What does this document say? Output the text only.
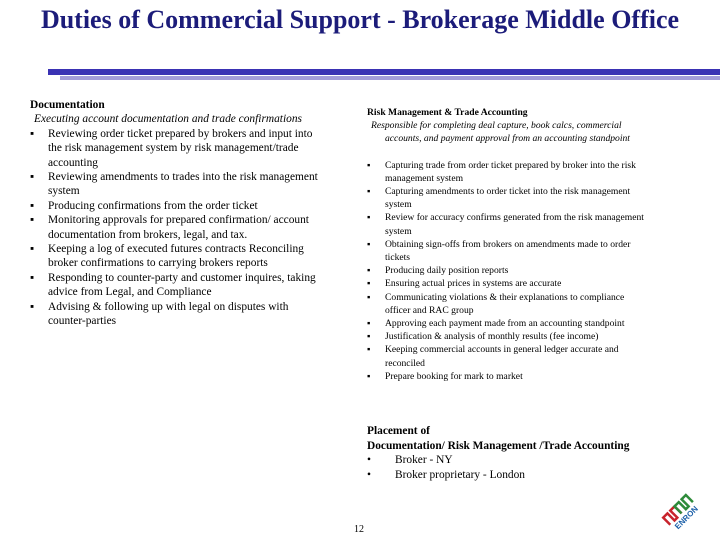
Duties of Commercial Support - Brokerage Middle Office
Documentation
Executing account documentation and trade confirmations
▪ Reviewing order ticket prepared by brokers and input into the risk management system by risk management/trade accounting
▪ Reviewing amendments to trades into the risk management system
▪ Producing confirmations from the order ticket
▪ Monitoring approvals for prepared confirmation/ account documentation from brokers, legal, and tax.
▪ Keeping a log of executed futures contracts Reconciling broker confirmations to carrying brokers reports
▪ Responding to counter-party and customer inquires, taking advice from Legal, and Compliance
▪ Advising & following up with legal on disputes with counter-parties
Risk Management & Trade Accounting
Responsible for completing deal capture, book calcs, commercial accounts, and payment approval from an accounting standpoint
▪ Capturing trade from order ticket prepared by broker into the risk management system
▪ Capturing amendments to order ticket into the risk management system
▪ Review for accuracy confirms generated from the risk management system
▪ Obtaining sign-offs from brokers on amendments made to order tickets
▪ Producing daily position reports
▪ Ensuring actual prices in systems are accurate
▪ Communicating violations & their explanations to compliance officer and RAC group
▪ Approving each payment made from an accounting standpoint
▪ Justification & analysis of monthly results (fee income)
▪ Keeping commercial accounts in general ledger accurate and reconciled
▪ Prepare booking for mark to market
Placement of
Documentation/ Risk Management /Trade Accounting
• Broker - NY
• Broker proprietary - London
12	ENRON
